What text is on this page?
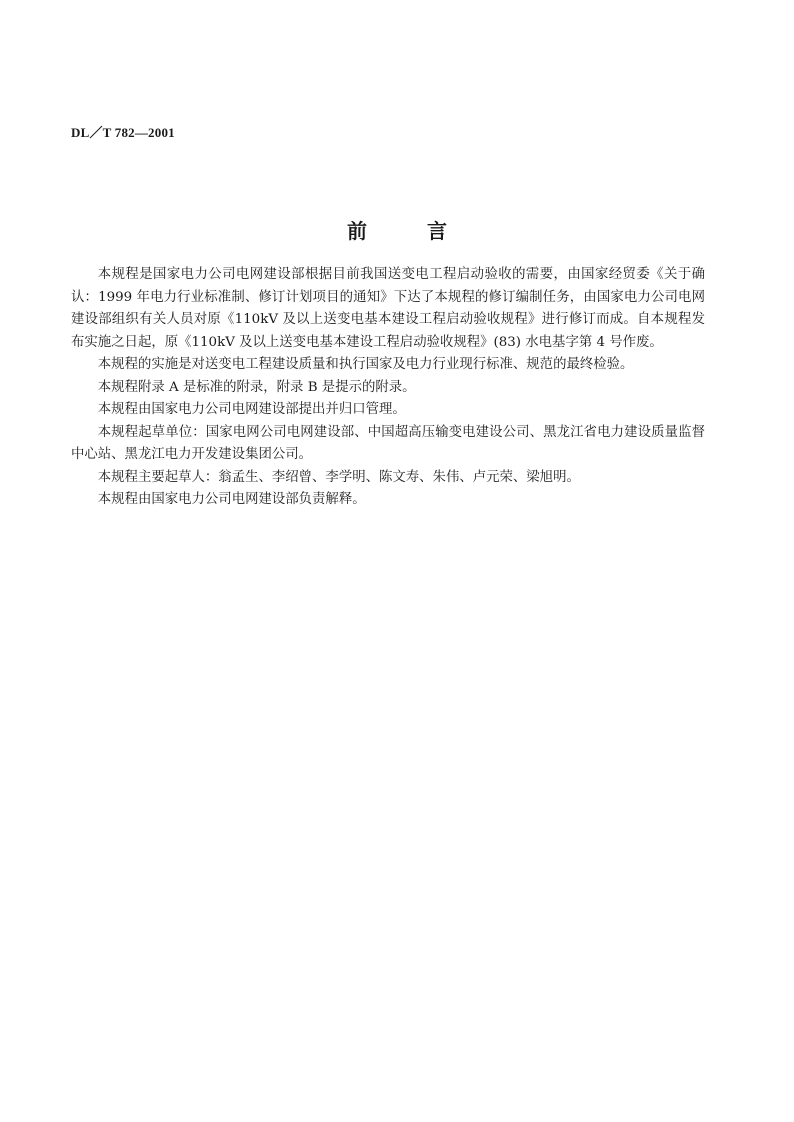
DL／T 782—2001
前	言

本规程是国家电力公司电网建设部根据目前我国送变电工程启动验收的需要，由国家经贸委《关于确认：1999 年电力行业标准制、修订计划项目的通知》下达了本规程的修订编制任务，由国家电力公司电网建设部组织有关人员对原《110kV 及以上送变电基本建设工程启动验收规程》进行修订而成。自本规程发布实施之日起，原《110kV 及以上送变电基本建设工程启动验收规程》(83) 水电基字第 4 号作废。

本规程的实施是对送变电工程建设质量和执行国家及电力行业现行标准、规范的最终检验。

本规程附录 A 是标准的附录，附录 B 是提示的附录。

本规程由国家电力公司电网建设部提出并归口管理。

本规程起草单位：国家电网公司电网建设部、中国超高压输变电建设公司、黑龙江省电力建设质量监督中心站、黑龙江电力开发建设集团公司。

本规程主要起草人：翁孟生、李绍曾、李学明、陈文寿、朱伟、卢元荣、梁旭明。

本规程由国家电力公司电网建设部负责解释。
